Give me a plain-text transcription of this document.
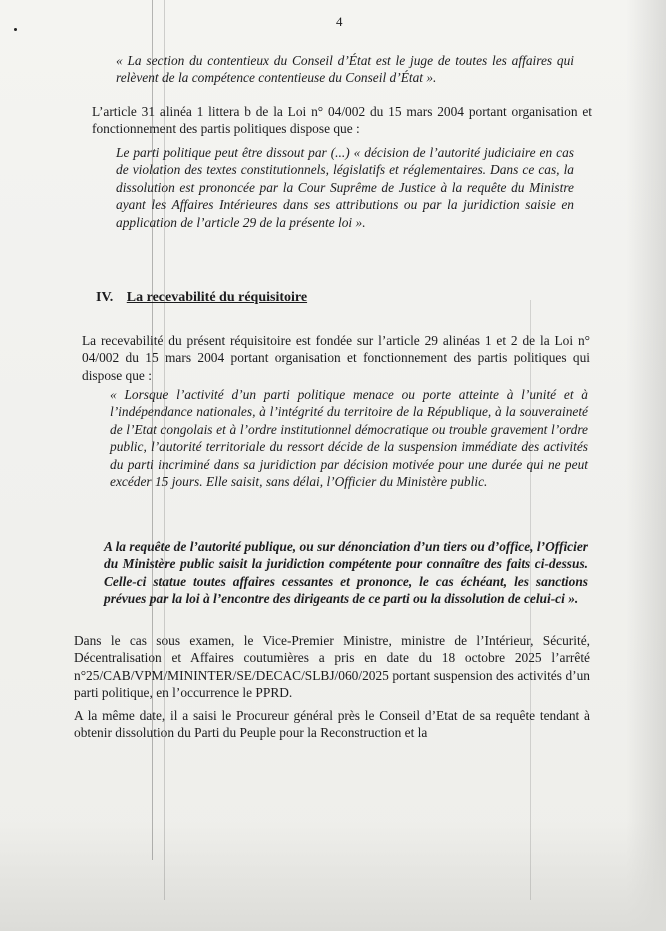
4

« La section du contentieux du Conseil d’État est le juge de toutes les affaires qui relèvent de la compétence contentieuse du Conseil d’État ».

L’article 31 alinéa 1 littera b de la Loi n° 04/002 du 15 mars 2004 portant organisation et fonctionnement des partis politiques dispose que :

Le parti politique peut être dissout par (...) « décision de l’autorité judiciaire en cas de violation des textes constitutionnels, législatifs et réglementaires. Dans ce cas, la dissolution est prononcée par la Cour Suprême de Justice à la requête du Ministre ayant les Affaires Intérieures dans ses attributions ou par la juridiction saisie en application de l’article 29 de la présente loi ».

IV. La recevabilité du réquisitoire

La recevabilité du présent réquisitoire est fondée sur l’article 29 alinéas 1 et 2 de la Loi n° 04/002 du 15 mars 2004 portant organisation et fonctionnement des partis politiques qui dispose que :

« Lorsque l’activité d’un parti politique menace ou porte atteinte à l’unité et à l’indépendance nationales, à l’intégrité du territoire de la République, à la souveraineté de l’Etat congolais et à l’ordre institutionnel démocratique ou trouble gravement l’ordre public, l’autorité territoriale du ressort décide de la suspension immédiate des activités du parti incriminé dans sa juridiction par décision motivée pour une durée qui ne peut excéder 15 jours. Elle saisit, sans délai, l’Officier du Ministère public.

A la requête de l’autorité publique, ou sur dénonciation d’un tiers ou d’office, l’Officier du Ministère public saisit la juridiction compétente pour connaître des faits ci-dessus. Celle-ci statue toutes affaires cessantes et prononce, le cas échéant, les sanctions prévues par la loi à l’encontre des dirigeants de ce parti ou la dissolution de celui-ci ».

Dans le cas sous examen, le Vice-Premier Ministre, ministre de l’Intérieur, Sécurité, Décentralisation et Affaires coutumières a pris en date du 18 octobre 2025 l’arrêté n°25/CAB/VPM/MININTER/SE/DECAC/SLBJ/060/2025 portant suspension des activités d’un parti politique, en l’occurrence le PPRD.

A la même date, il a saisi le Procureur général près le Conseil d’Etat de sa requête tendant à obtenir dissolution du Parti du Peuple pour la Reconstruction et la
